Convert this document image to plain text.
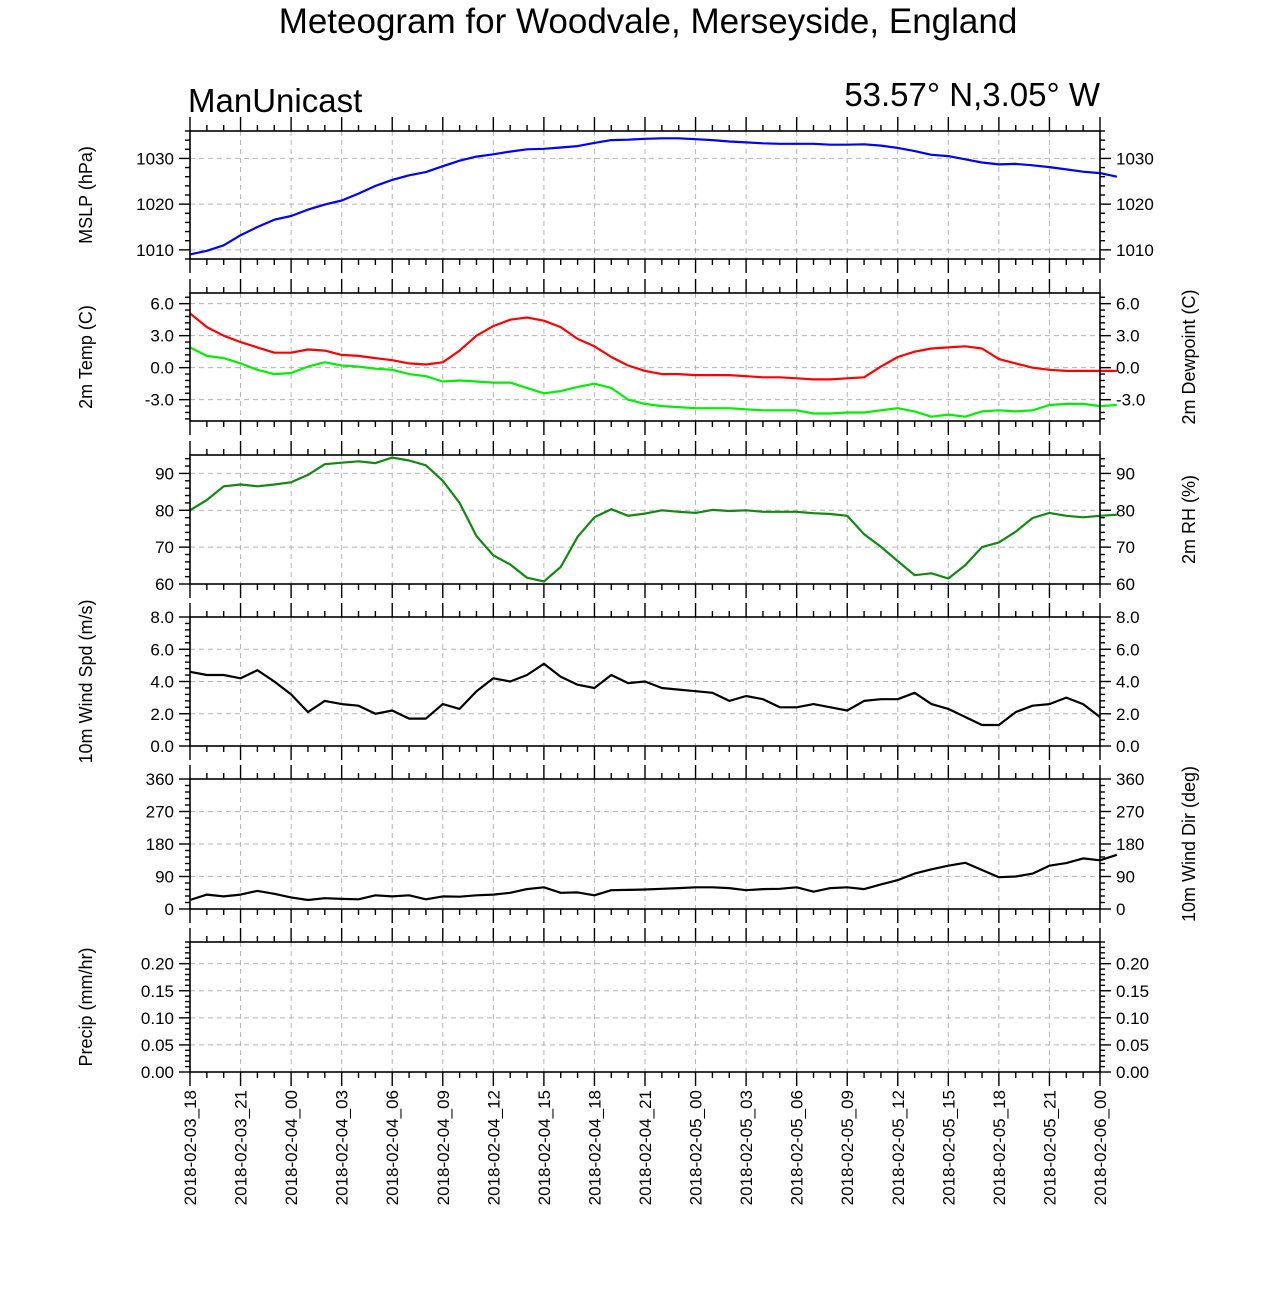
Meteogram for Woodvale, Merseyside, England
ManUnicast	53.57° N,3.05° W
1010	1010
1020	1020
1030	1030
MSLP (hPa)
-3.0	-3.0
0.0	0.0
3.0	3.0
6.0	6.0
2m Temp (C)	2m Dewpoint (C)
60	60
70	70
80	80
90	90
2m RH (%)
0.0	0.0
2.0	2.0
4.0	4.0
6.0	6.0
8.0	8.0
10m Wind Spd (m/s)
0	0
90	90
180	180
270	270
360	360 10m Wind Dir (deg)
0.00	0.00
0.05	0.05
0.10	0.10
0.15	0.15
0.20	0.20
Precip (mm/hr)
2018-02-03_18 2018-02-03_21 2018-02-04_00 2018-02-04_03 2018-02-04_06 2018-02-04_09 2018-02-04_12 2018-02-04_15 2018-02-04_18 2018-02-04_21 2018-02-05_00 2018-02-05_03 2018-02-05_06 2018-02-05_09 2018-02-05_12 2018-02-05_15 2018-02-05_18 2018-02-05_21 2018-02-06_00
